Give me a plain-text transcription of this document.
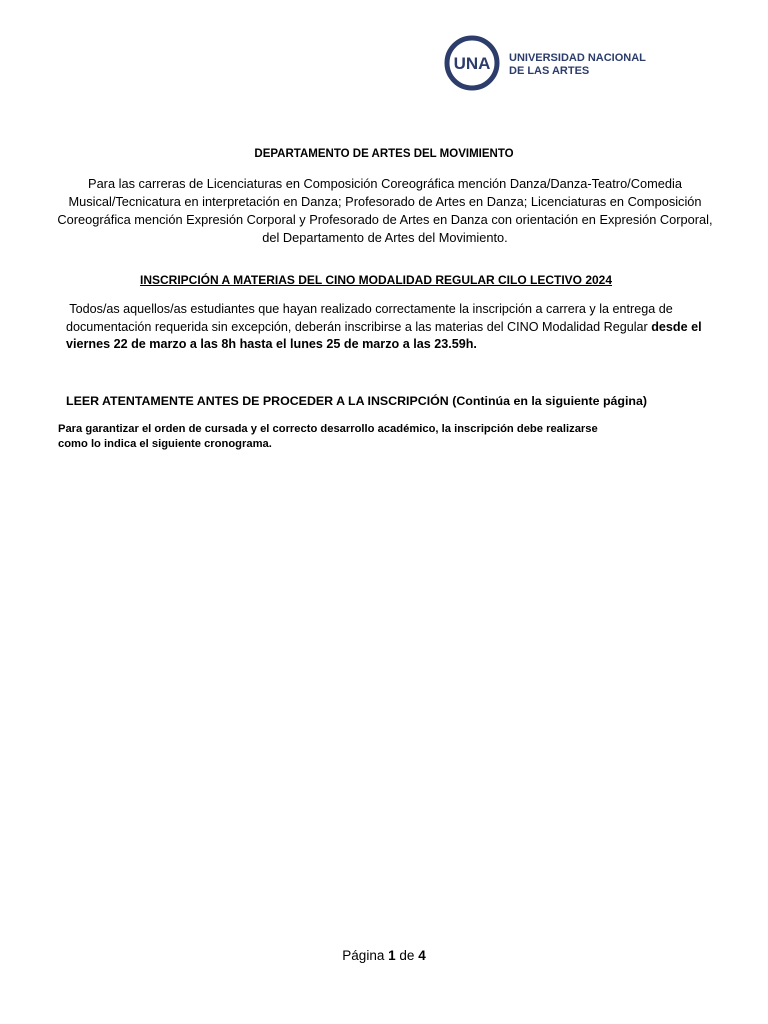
UNA UNIVERSIDAD NACIONAL
DE LAS ARTES
DEPARTAMENTO DE ARTES DEL MOVIMIENTO
Para las carreras de Licenciaturas en Composición Coreográfica mención Danza/Danza-Teatro/Comedia
Musical/Tecnicatura en interpretación en Danza; Profesorado de Artes en Danza; Licenciaturas en Composición
Coreográfica mención Expresión Corporal y Profesorado de Artes en Danza con orientación en Expresión Corporal,
del Departamento de Artes del Movimiento.
INSCRIPCIÓN A MATERIAS DEL CINO MODALIDAD REGULAR CILO LECTIVO 2024
Todos/as aquellos/as estudiantes que hayan realizado correctamente la inscripción a carrera y la entrega de
documentación requerida sin excepción, deberán inscribirse a las materias del CINO Modalidad Regular desde el
viernes 22 de marzo a las 8h hasta el lunes 25 de marzo a las 23.59h.
LEER ATENTAMENTE ANTES DE PROCEDER A LA INSCRIPCIÓN (Continúa en la siguiente página)
Para garantizar el orden de cursada y el correcto desarrollo académico, la inscripción debe realizarse
como lo indica el siguiente cronograma.
Página 1 de 4
